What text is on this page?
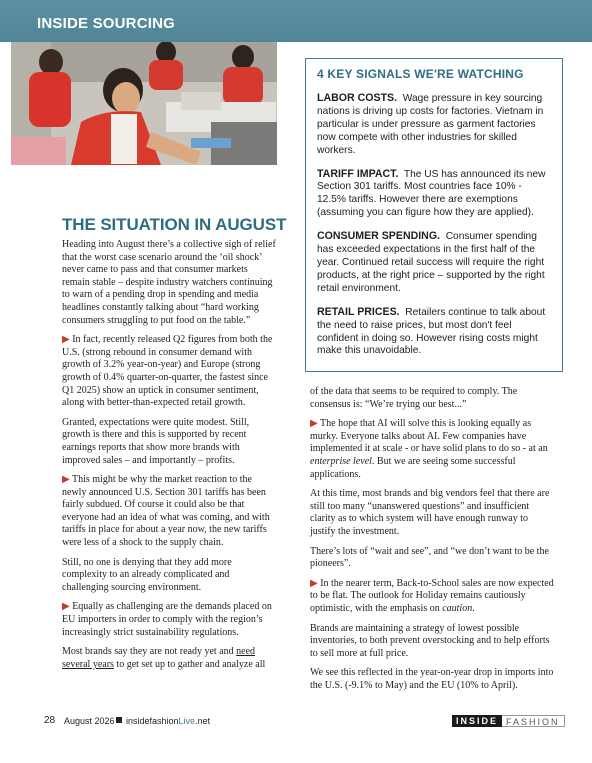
INSIDE SOURCING
4 KEY SIGNALS WE'RE WATCHING
LABOR COSTS. Wage pressure in key sourcing nations is driving up costs for factories. Vietnam in particular is under pressure as garment factories now compete with other industries for skilled workers.
TARIFF IMPACT. The US has announced its new Section 301 tariffs. Most countries face 10% - 12.5% tariffs. However there are exemptions (assuming you can figure how they are applied).
CONSUMER SPENDING. Consumer spending has exceeded expectations in the first half of the year. Continued retail success will require the right products, at the right price – supported by the right retail environment.
RETAIL PRICES. Retailers continue to talk about the need to raise prices, but most don't feel confident in doing so. However rising costs might make this unavoidable.
THE SITUATION IN AUGUST

Heading into August there’s a collective sigh of relief that the worst case scenario around the ‘oil shock’ never came to pass and that consumer markets remain stable – despite industry watchers continuing to warn of a pending drop in spending and media headlines constantly talking about “hard working consumers struggling to put food on the table.”

▶ In fact, recently released Q2 figures from both the U.S. (strong rebound in consumer demand with growth of 3.2% year-on-year) and Europe (strong growth of 0.4% quarter-on-quarter, the fastest since Q1 2025) show an uptick in consumer sentiment, along with better-than-expected retail growth.

Granted, expectations were quite modest. Still, growth is there and this is supported by recent earnings reports that show more brands with improved sales – and importantly – profits.

▶ This might be why the market reaction to the newly announced U.S. Section 301 tariffs has been fairly subdued. Of course it could also be that everyone had an idea of what was coming, and with tariffs in place for about a year now, the new tariffs were less of a shock to the supply chain.

Still, no one is denying that they add more complexity to an already complicated and challenging sourcing environment.

▶ Equally as challenging are the demands placed on EU importers in order to comply with the region’s increasingly strict sustainability regulations.

Most brands say they are not ready yet and need several years to get set up to gather and analyze all

of the data that seems to be required to comply. The consensus is: “We’re trying our best...”

▶ The hope that AI will solve this is looking equally as murky. Everyone talks about AI. Few companies have implemented it at scale - or have solid plans to do so - at an enterprise level. But we are seeing some successful applications.

At this time, most brands and big vendors feel that there are still too many “unanswered questions” and insufficient clarity as to which system will have enough runway to justify the investment.

There’s lots of “wait and see”, and “we don’t want to be the pioneers”.

▶ In the nearer term, Back-to-School sales are now expected to be flat. The outlook for Holiday remains cautiously optimistic, with the emphasis on caution.

Brands are maintaining a strategy of lowest possible inventories, to both prevent overstocking and to help efforts to sell more at full price.

We see this reflected in the year-on-year drop in imports into the U.S. (-9.1% to May) and the EU (10% to April).

28 August 2026 insidefashionLive.net	INSIDE FASHION
